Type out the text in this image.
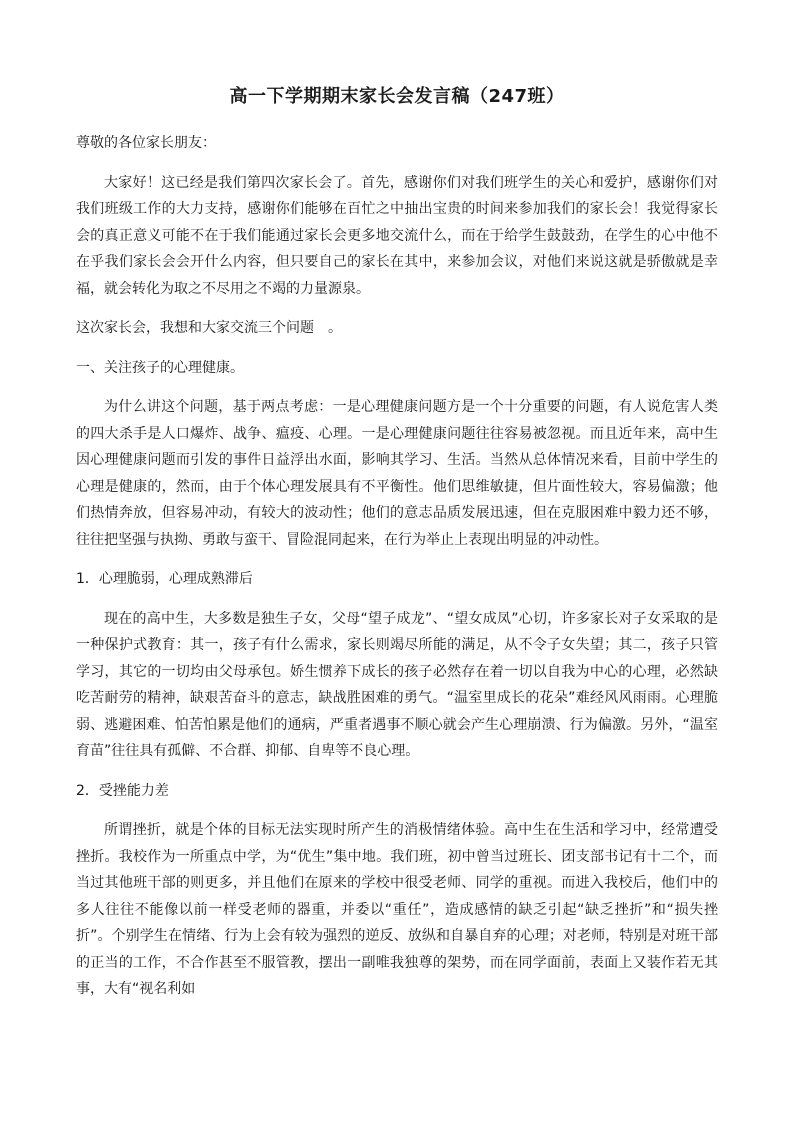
高一下学期期末家长会发言稿（247班）

尊敬的各位家长朋友：

大家好！这已经是我们第四次家长会了。首先，感谢你们对我们班学生的关心和爱护，感谢你们对我们班级工作的大力支持，感谢你们能够在百忙之中抽出宝贵的时间来参加我们的家长会！我觉得家长会的真正意义可能不在于我们能通过家长会更多地交流什么，而在于给学生鼓鼓劲，在学生的心中他不在乎我们家长会会开什么内容，但只要自己的家长在其中，来参加会议，对他们来说这就是骄傲就是幸福，就会转化为取之不尽用之不竭的力量源泉。

这次家长会，我想和大家交流三个问题　。

一、关注孩子的心理健康。

为什么讲这个问题，基于两点考虑：一是心理健康问题方是一个十分重要的问题，有人说危害人类的四大杀手是人口爆炸、战争、瘟疫、心理。一是心理健康问题往往容易被忽视。而且近年来，高中生因心理健康问题而引发的事件日益浮出水面，影响其学习、生活。当然从总体情况来看，目前中学生的心理是健康的，然而，由于个体心理发展具有不平衡性。他们思维敏捷，但片面性较大，容易偏激；他们热情奔放，但容易冲动，有较大的波动性；他们的意志品质发展迅速，但在克服困难中毅力还不够，往往把坚强与执拗、勇敢与蛮干、冒险混同起来，在行为举止上表现出明显的冲动性。

1．心理脆弱，心理成熟滞后

现在的高中生，大多数是独生子女，父母“望子成龙”、“望女成凤”心切，许多家长对子女采取的是一种保护式教育：其一，孩子有什么需求，家长则竭尽所能的满足，从不令子女失望；其二，孩子只管学习，其它的一切均由父母承包。娇生惯养下成长的孩子必然存在着一切以自我为中心的心理，必然缺吃苦耐劳的精神，缺艰苦奋斗的意志，缺战胜困难的勇气。“温室里成长的花朵”难经风风雨雨。心理脆弱、逃避困难、怕苦怕累是他们的通病，严重者遇事不顺心就会产生心理崩溃、行为偏激。另外，“温室育苗”往往具有孤僻、不合群、抑郁、自卑等不良心理。

2．受挫能力差

所谓挫折，就是个体的目标无法实现时所产生的消极情绪体验。高中生在生活和学习中，经常遭受挫折。我校作为一所重点中学，为“优生”集中地。我们班，初中曾当过班长、团支部书记有十二个，而当过其他班干部的则更多，并且他们在原来的学校中很受老师、同学的重视。而进入我校后，他们中的多人往往不能像以前一样受老师的器重，并委以“重任”，造成感情的缺乏引起“缺乏挫折”和“损失挫折”。个别学生在情绪、行为上会有较为强烈的逆反、放纵和自暴自弃的心理；对老师，特别是对班干部的正当的工作，不合作甚至不服管教，摆出一副唯我独尊的架势，而在同学面前，表面上又装作若无其事，大有“视名利如
